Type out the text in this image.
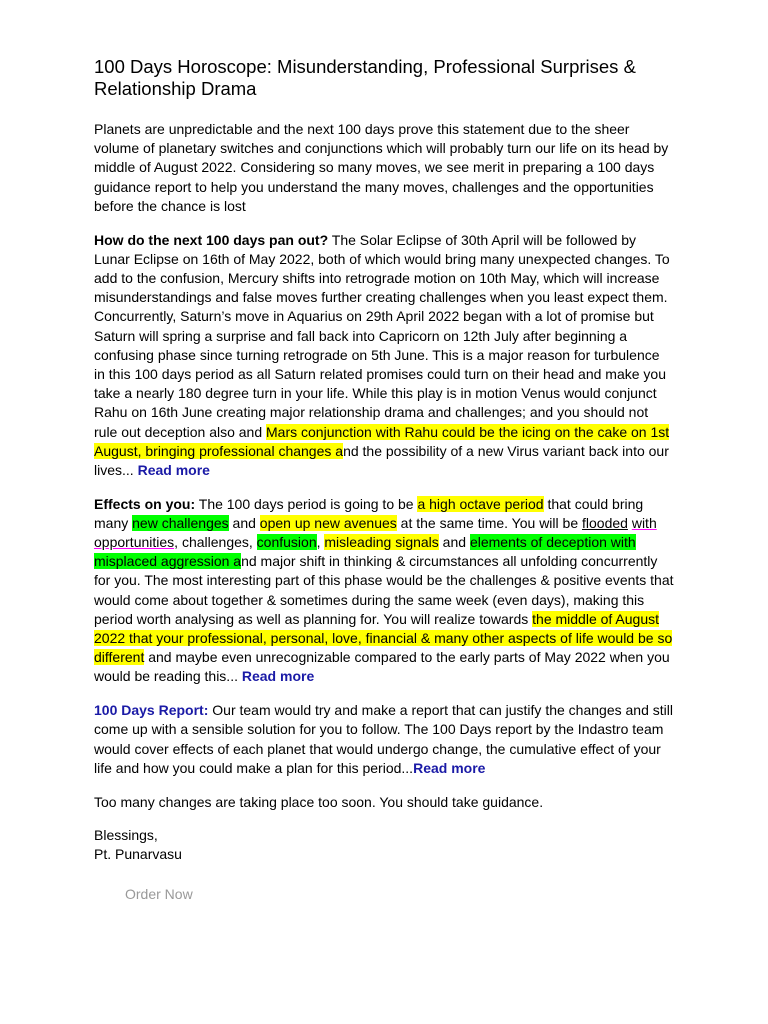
100 Days Horoscope: Misunderstanding, Professional Surprises & Relationship Drama

Planets are unpredictable and the next 100 days prove this statement due to the sheer volume of planetary switches and conjunctions which will probably turn our life on its head by middle of August 2022. Considering so many moves, we see merit in preparing a 100 days guidance report to help you understand the many moves, challenges and the opportunities before the chance is lost

How do the next 100 days pan out? The Solar Eclipse of 30th April will be followed by Lunar Eclipse on 16th of May 2022, both of which would bring many unexpected changes. To add to the confusion, Mercury shifts into retrograde motion on 10th May, which will increase misunderstandings and false moves further creating challenges when you least expect them. Concurrently, Saturn’s move in Aquarius on 29th April 2022 began with a lot of promise but Saturn will spring a surprise and fall back into Capricorn on 12th July after beginning a confusing phase since turning retrograde on 5th June. This is a major reason for turbulence in this 100 days period as all Saturn related promises could turn on their head and make you take a nearly 180 degree turn in your life. While this play is in motion Venus would conjunct Rahu on 16th June creating major relationship drama and challenges; and you should not rule out deception also and Mars conjunction with Rahu could be the icing on the cake on 1st August, bringing professional changes and the possibility of a new Virus variant back into our lives... Read more

Effects on you: The 100 days period is going to be a high octave period that could bring many new challenges and open up new avenues at the same time. You will be flooded with opportunities, challenges, confusion, misleading signals and elements of deception with misplaced aggression and major shift in thinking & circumstances all unfolding concurrently for you. The most interesting part of this phase would be the challenges & positive events that would come about together & sometimes during the same week (even days), making this period worth analysing as well as planning for. You will realize towards the middle of August 2022 that your professional, personal, love, financial & many other aspects of life would be so different and maybe even unrecognizable compared to the early parts of May 2022 when you would be reading this... Read more

100 Days Report: Our team would try and make a report that can justify the changes and still come up with a sensible solution for you to follow. The 100 Days report by the Indastro team would cover effects of each planet that would undergo change, the cumulative effect of your life and how you could make a plan for this period...Read more

Too many changes are taking place too soon. You should take guidance.

Blessings,
Pt. Punarvasu

Order Now
